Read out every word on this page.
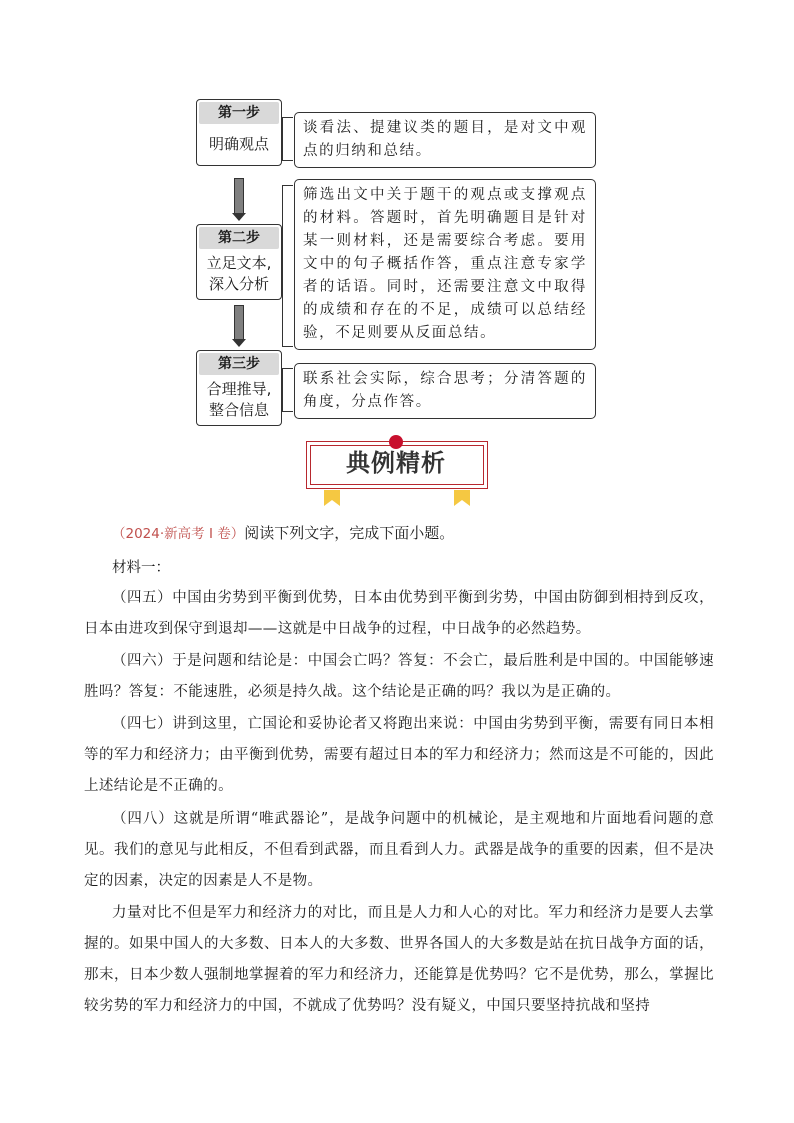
第一步
明确观点
谈看法、提建议类的题目，是对文中观点的归纳和总结。
第二步
立足文本,
深入分析
筛选出文中关于题干的观点或支撑观点的材料。答题时，首先明确题目是针对某一则材料，还是需要综合考虑。要用文中的句子概括作答，重点注意专家学者的话语。同时，还需要注意文中取得的成绩和存在的不足，成绩可以总结经验，不足则要从反面总结。
第三步
合理推导,
整合信息
联系社会实际，综合思考；分清答题的角度，分点作答。
典例精析
（2024·新高考 I 卷）阅读下列文字，完成下面小题。
材料一：
（四五）中国由劣势到平衡到优势，日本由优势到平衡到劣势，中国由防御到相持到反攻，日本由进攻到保守到退却——这就是中日战争的过程，中日战争的必然趋势。
（四六）于是问题和结论是：中国会亡吗？答复：不会亡，最后胜利是中国的。中国能够速胜吗？答复：不能速胜，必须是持久战。这个结论是正确的吗？我以为是正确的。
（四七）讲到这里，亡国论和妥协论者又将跑出来说：中国由劣势到平衡，需要有同日本相等的军力和经济力；由平衡到优势，需要有超过日本的军力和经济力；然而这是不可能的，因此上述结论是不正确的。
（四八）这就是所谓“唯武器论”，是战争问题中的机械论，是主观地和片面地看问题的意见。我们的意见与此相反，不但看到武器，而且看到人力。武器是战争的重要的因素，但不是决定的因素，决定的因素是人不是物。
力量对比不但是军力和经济力的对比，而且是人力和人心的对比。军力和经济力是要人去掌握的。如果中国人的大多数、日本人的大多数、世界各国人的大多数是站在抗日战争方面的话，那末，日本少数人强制地掌握着的军力和经济力，还能算是优势吗？它不是优势，那么，掌握比较劣势的军力和经济力的中国，不就成了优势吗？没有疑义，中国只要坚持抗战和坚持
